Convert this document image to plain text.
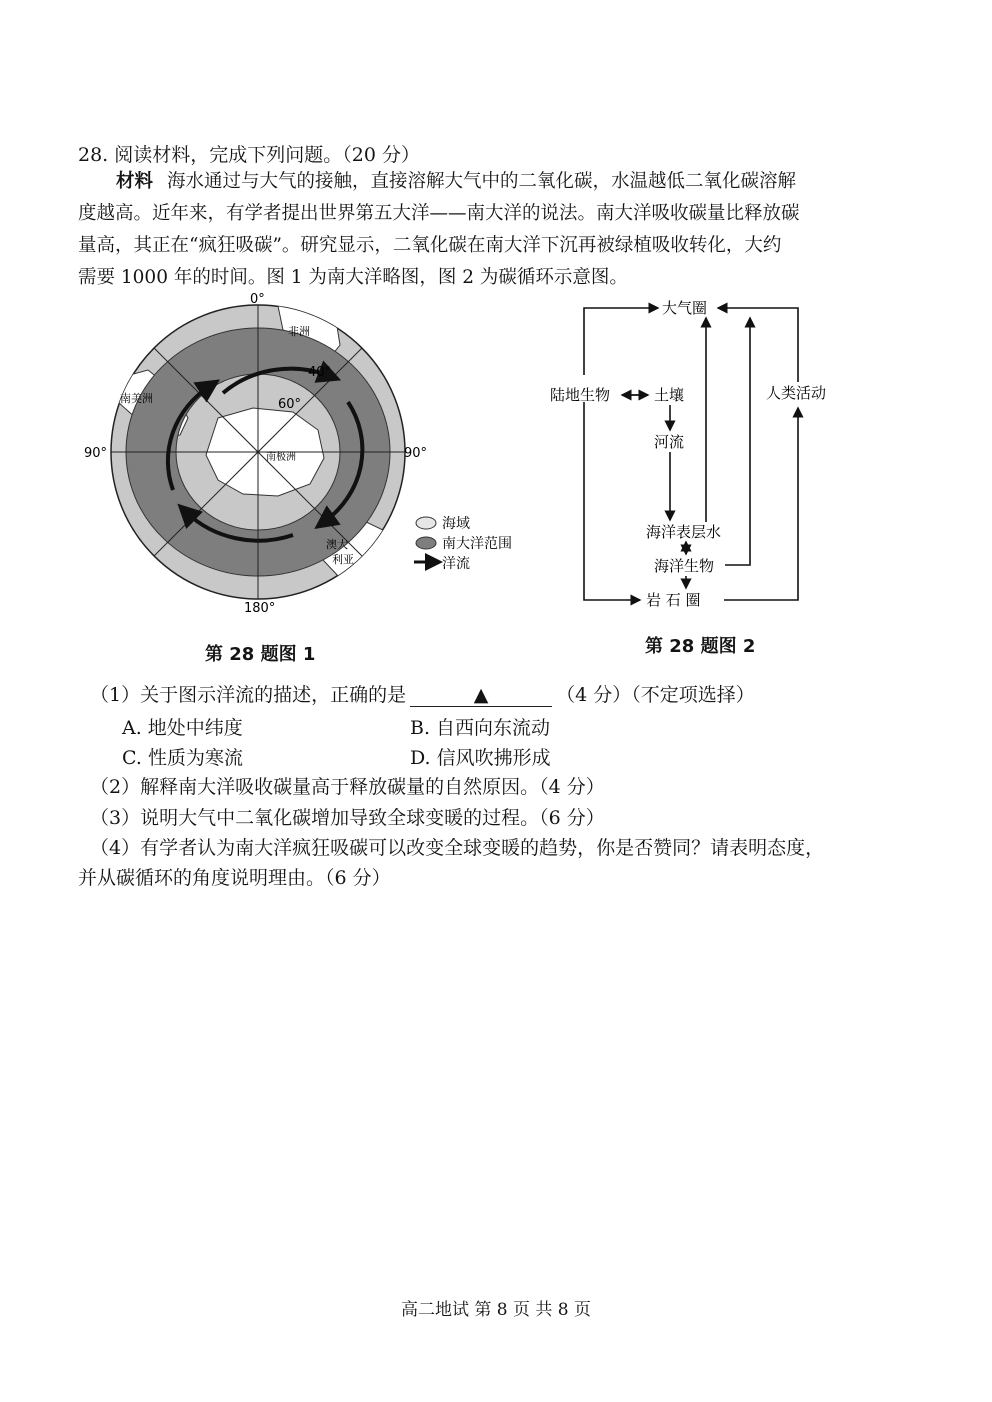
28. 阅读材料，完成下列问题。（20 分）
材料 海水通过与大气的接触，直接溶解大气中的二氧化碳，水温越低二氧化碳溶解
度越高。近年来，有学者提出世界第五大洋——南大洋的说法。南大洋吸收碳量比释放碳
量高，其正在“疯狂吸碳”。研究显示，二氧化碳在南大洋下沉再被绿植吸收转化，大约
需要 1000 年的时间。图 1 为南大洋略图，图 2 为碳循环示意图。
0°
180°
90°	90°
40°
60°
非洲
南美洲
南极洲
澳大
利亚
海域
南大洋范围
洋流
大气圈
陆地生物	土壤
河流
人类活动
海洋表层水
海洋生物
岩 石 圈
第 28 题图 1	第 28 题图 2
（1）关于图示洋流的描述，正确的是	▲	（4 分）（不定项选择）
A. 地处中纬度	B. 自西向东流动
C. 性质为寒流	D. 信风吹拂形成
（2）解释南大洋吸收碳量高于释放碳量的自然原因。（4 分）
（3）说明大气中二氧化碳增加导致全球变暖的过程。（6 分）
（4）有学者认为南大洋疯狂吸碳可以改变全球变暖的趋势，你是否赞同？请表明态度，
并从碳循环的角度说明理由。（6 分）
高二地试 第 8 页 共 8 页
